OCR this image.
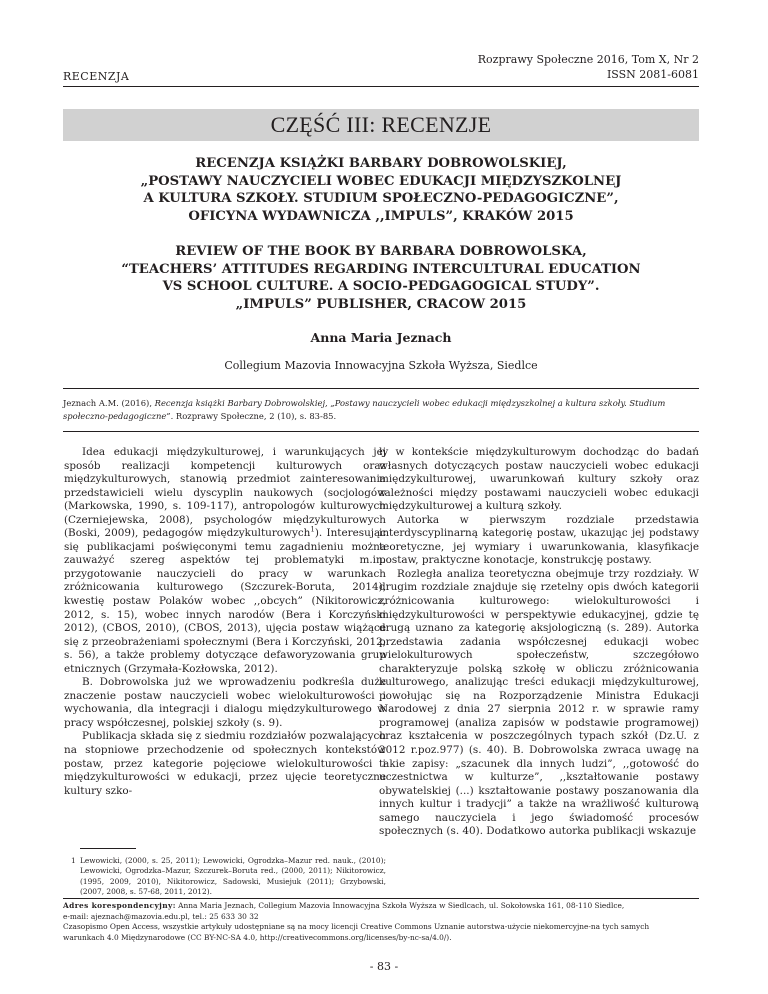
RECENZJA
Rozprawy Społeczne 2016, Tom X, Nr 2
ISSN 2081-6081
CZĘŚĆ III: RECENZJE
RECENZJA KSIĄŻKI BARBARY DOBROWOLSKIEJ,
„POSTAWY NAUCZYCIELI WOBEC EDUKACJI MIĘDZYSZKOLNEJ
A KULTURA SZKOŁY. STUDIUM SPOŁECZNO-PEDAGOGICZNE”,
OFICYNA WYDAWNICZA ,,IMPULS”, KRAKÓW 2015
REVIEW OF THE BOOK BY BARBARA DOBROWOLSKA,
“TEACHERS’ ATTITUDES REGARDING INTERCULTURAL EDUCATION
VS SCHOOL CULTURE. A SOCIO-PEDGAGOGICAL STUDY”.
„IMPULS” PUBLISHER, CRACOW 2015
Anna Maria Jeznach
Collegium Mazovia Innowacyjna Szkoła Wyższa, Siedlce
Jeznach A.M. (2016), Recenzja książki Barbary Dobrowolskiej, „Postawy nauczycieli wobec edukacji międzyszkolnej a kultura szkoły. Studium społeczno-pedagogiczne”. Rozprawy Społeczne, 2 (10), s. 83-85.

Idea edukacji międzykulturowej, i warunkujących jej sposób realizacji kompetencji kulturowych oraz międzykulturowych, stanowią przedmiot zainteresowania przedstawicieli wielu dyscyplin naukowych (socjologów (Markowska, 1990, s. 109-117), antropologów kulturowych (Czerniejewska, 2008), psychologów międzykulturowych (Boski, 2009), pedagogów międzykulturowych$^1$). Interesując się publikacjami poświęconymi temu zagadnieniu można zauważyć szereg aspektów tej problematyki m.in. przygotowanie nauczycieli do pracy w warunkach zróżnicowania kulturowego (Szczurek-Boruta, 2014), kwestię postaw Polaków wobec ,,obcych” (Nikitorowicz, 2012, s. 15), wobec innych narodów (Bera i Korczyński 2012), (CBOS, 2010), (CBOS, 2013), ujęcia postaw wiążące się z przeobrażeniami społecznymi (Bera i Korczyński, 2012, s. 56), a także problemy dotyczące defaworyzowania grup etnicznych (Grzymała-Kozłowska, 2012).

B. Dobrowolska już we wprowadzeniu podkreśla duże znaczenie postaw nauczycieli wobec wielokulturowości i wychowania, dla integracji i dialogu międzykulturowego w pracy współczesnej, polskiej szkoły (s. 9).

Publikacja składa się z siedmiu rozdziałów pozwalających na stopniowe przechodzenie od społecznych kontekstów postaw, przez kategorie pojęciowe wielokulturowości i międzykulturowości w edukacji, przez ujęcie teoretyczne kultury szko-

1 Lewowicki, (2000, s. 25, 2011); Lewowicki, Ogrodzka–Mazur red. nauk., (2010); Lewowicki, Ogrodzka–Mazur, Szczurek–Boruta red., (2000, 2011); Nikitorowicz, (1995, 2009, 2010), Nikitorowicz, Sadowski, Musiejuk (2011); Grzybowski, (2007, 2008, s. 57-68, 2011, 2012).

ły w kontekście międzykulturowym dochodząc do badań własnych dotyczących postaw nauczycieli wobec edukacji międzykulturowej, uwarunkowań kultury szkoły oraz zależności między postawami nauczycieli wobec edukacji międzykulturowej a kulturą szkoły.

Autorka w pierwszym rozdziale przedstawia interdyscyplinarną kategorię postaw, ukazując jej podstawy teoretyczne, jej wymiary i uwarunkowania, klasyfikacje postaw, praktyczne konotacje, konstrukcję postawy.

Rozległa analiza teoretyczna obejmuje trzy rozdziały. W drugim rozdziale znajduje się rzetelny opis dwóch kategorii zróżnicowania kulturowego: wielokulturowości i międzykulturowości w perspektywie edukacyjnej, gdzie tę drugą uznano za kategorię aksjologiczną (s. 289). Autorka przedstawia zadania współczesnej edukacji wobec wielokulturowych społeczeństw, szczegółowo charakteryzuje polską szkołę w obliczu zróżnicowania kulturowego, analizując treści edukacji międzykulturowej, powołując się na Rozporządzenie Ministra Edukacji Narodowej z dnia 27 sierpnia 2012 r. w sprawie ramy programowej (analiza zapisów w podstawie programowej) oraz kształcenia w poszczególnych typach szkół (Dz.U. z 2012 r.poz.977) (s. 40). B. Dobrowolska zwraca uwagę na takie zapisy: „szacunek dla innych ludzi”, ,,gotowość do uczestnictwa w kulturze”, ,,kształtowanie postawy obywatelskiej (...) kształtowanie postawy poszanowania dla innych kultur i tradycji” a także na wrażliwość kulturową samego nauczyciela i jego świadomość procesów społecznych (s. 40). Dodatkowo autorka publikacji wskazuje

Adres korespondencyjny: Anna Maria Jeznach, Collegium Mazovia Innowacyjna Szkoła Wyższa w Siedlcach, ul. Sokołowska 161, 08-110 Siedlce,
e-mail: ajeznach@mazovia.edu.pl, tel.: 25 633 30 32
Czasopismo Open Access, wszystkie artykuły udostępniane są na mocy licencji Creative Commons Uznanie autorstwa-użycie niekomercyjne-na tych samych
warunkach 4.0 Międzynarodowe (CC BY-NC-SA 4.0, http://creativecommons.org/licenses/by-nc-sa/4.0/).
- 83 -
